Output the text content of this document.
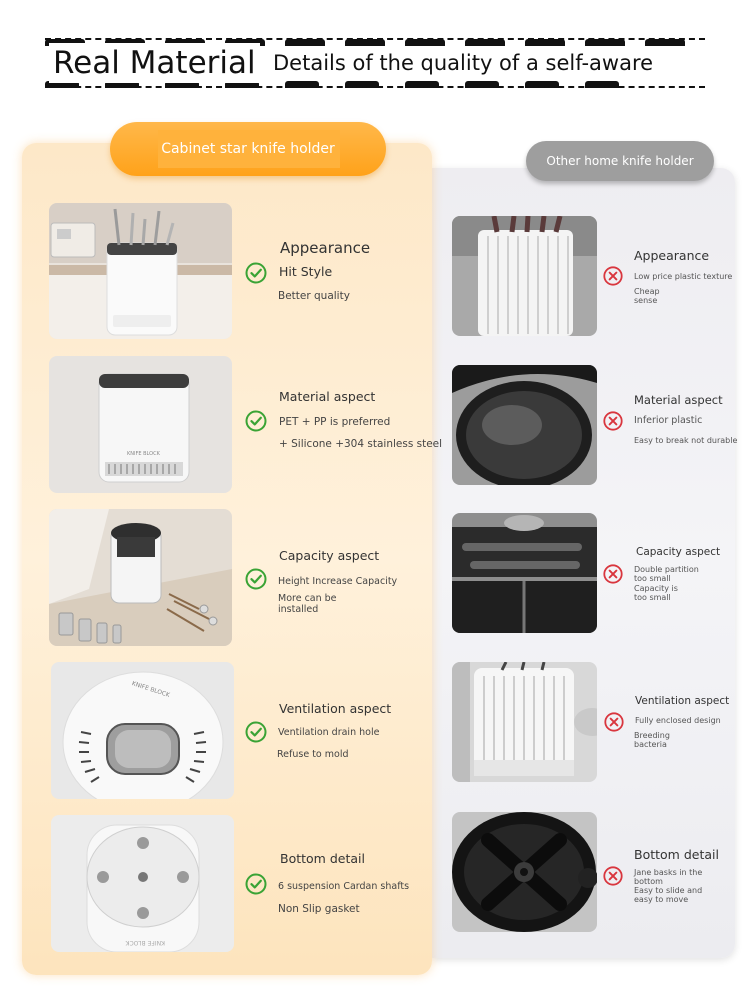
Real Material Details of the quality of a self-aware
Cabinet star knife holder
Other home knife holder
KNIFE BLOCK
KNIFE BLOCK
KNIFE BLOCK
Appearance
Hit Style
Better quality
Material aspect
PET + PP is preferred
+ Silicone +304 stainless steel
Capacity aspect
Height Increase Capacity
More can be installed
Ventilation aspect
Ventilation drain hole
Refuse to mold
Bottom detail
6 suspension Cardan shafts
Non Slip gasket
Appearance
Low price plastic texture
Cheap sense
Material aspect
Inferior plastic
Easy to break not durable
Capacity aspect
Double partition too small
Capacity is too small
Ventilation aspect
Fully enclosed design
Breeding bacteria
Bottom detail
Jane basks in the bottom
Easy to slide and easy to move
